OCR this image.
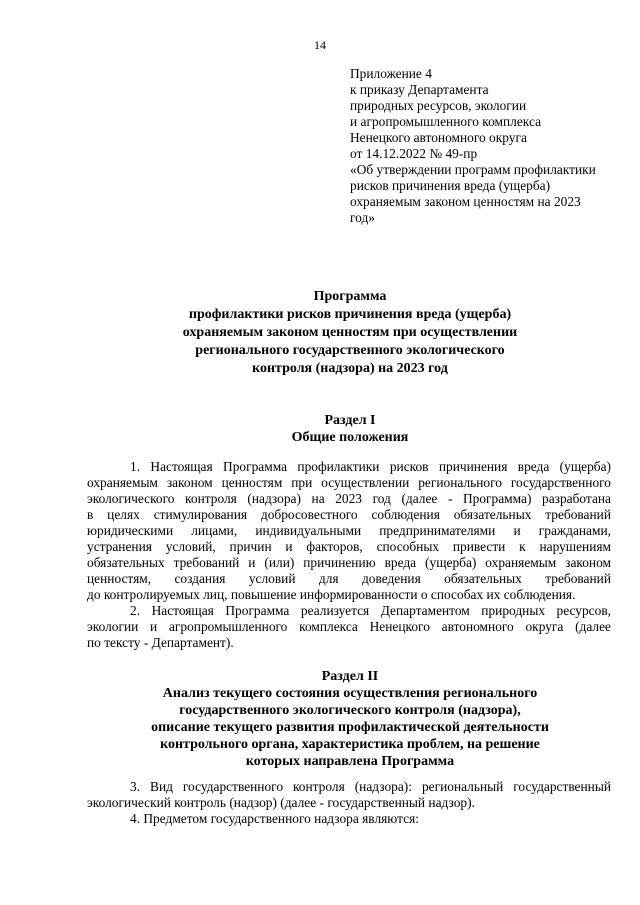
14
Приложение 4
к приказу Департамента
природных ресурсов, экологии
и агропромышленного комплекса
Ненецкого автономного округа
от 14.12.2022 № 49-пр
«Об утверждении программ профилактики
рисков причинения вреда (ущерба)
охраняемым законом ценностям на 2023
год»
Программа
профилактики рисков причинения вреда (ущерба)
охраняемым законом ценностям при осуществлении
регионального государственного экологического
контроля (надзора) на 2023 год
Раздел I
Общие положения
1. Настоящая Программа профилактики рисков причинения вреда (ущерба)
охраняемым законом ценностям при осуществлении регионального государственного
экологического контроля (надзора) на 2023 год (далее - Программа) разработана
в целях стимулирования добросовестного соблюдения обязательных требований
юридическими лицами, индивидуальными предпринимателями и гражданами,
устранения условий, причин и факторов, способных привести к нарушениям
обязательных требований и (или) причинению вреда (ущерба) охраняемым законом
ценностям, создания условий для доведения обязательных требований
до контролируемых лиц, повышение информированности о способах их соблюдения.
2. Настоящая Программа реализуется Департаментом природных ресурсов,
экологии и агропромышленного комплекса Ненецкого автономного округа (далее
по тексту - Департамент).
Раздел II
Анализ текущего состояния осуществления регионального
государственного экологического контроля (надзора),
описание текущего развития профилактической деятельности
контрольного органа, характеристика проблем, на решение
которых направлена Программа
3. Вид государственного контроля (надзора): региональный государственный
экологический контроль (надзор) (далее - государственный надзор).
4. Предметом государственного надзора являются:
